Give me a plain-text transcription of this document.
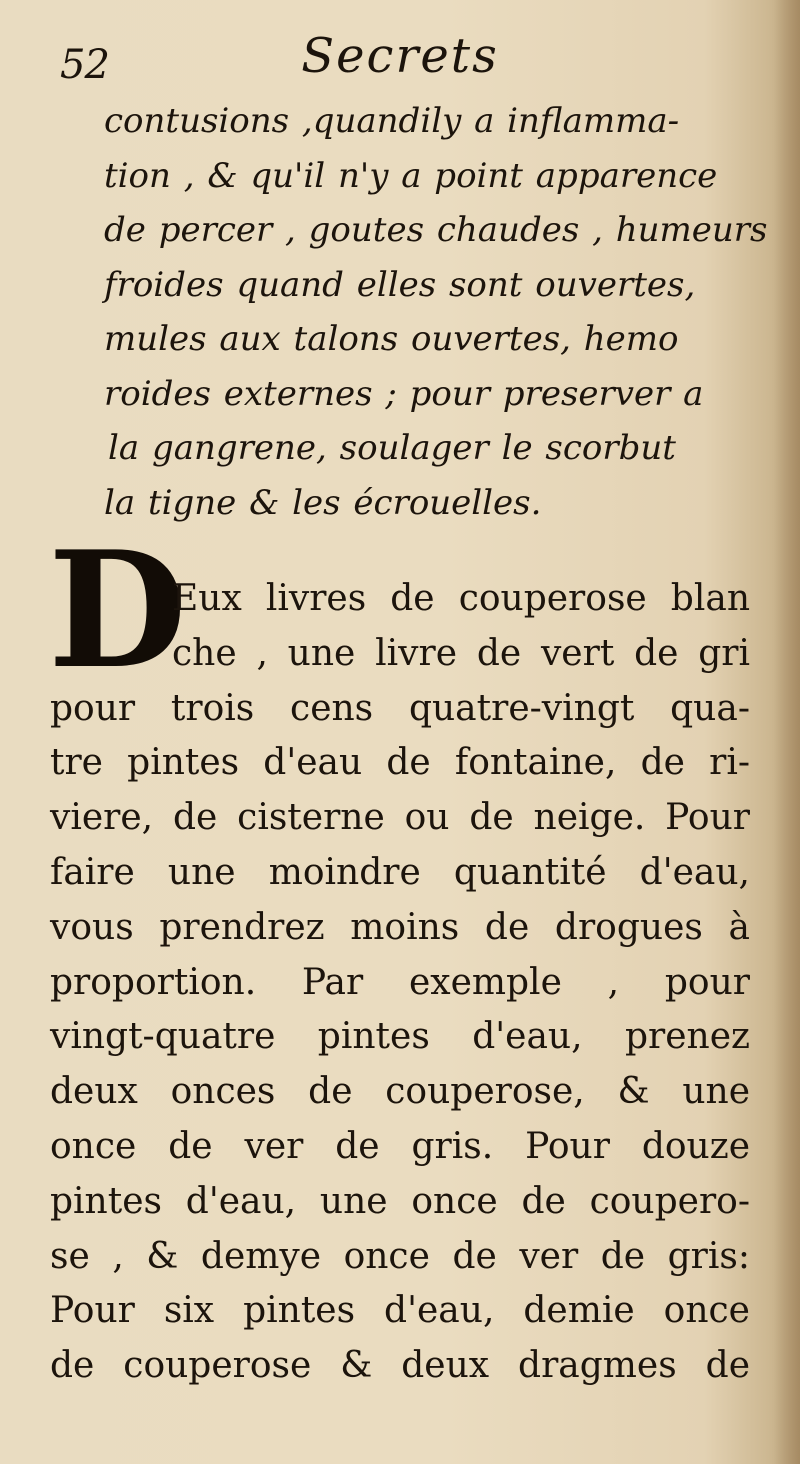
52	Secrets
contusions ,quandily a inflamma-
tion , & qu'il n'y a point apparence
de percer , goutes chaudes , humeurs
froides quand elles sont ouvertes,
mules aux talons ouvertes, hemo
roides externes ; pour preserver a
la gangrene, soulager le scorbut
la tigne & les écrouelles.
D
Eux livres de couperose blan
che , une livre de vert de gri
pour trois cens quatre-vingt qua-
tre pintes d'eau de fontaine, de ri-
viere, de cisterne ou de neige. Pour
faire une moindre quantité d'eau,
vous prendrez moins de drogues à
proportion. Par exemple , pour
vingt-quatre pintes d'eau, prenez
deux onces de couperose, & une
once de ver de gris. Pour douze
pintes d'eau, une once de coupero-
se , & demye once de ver de gris:
Pour six pintes d'eau, demie once
de couperose & deux dragmes de
